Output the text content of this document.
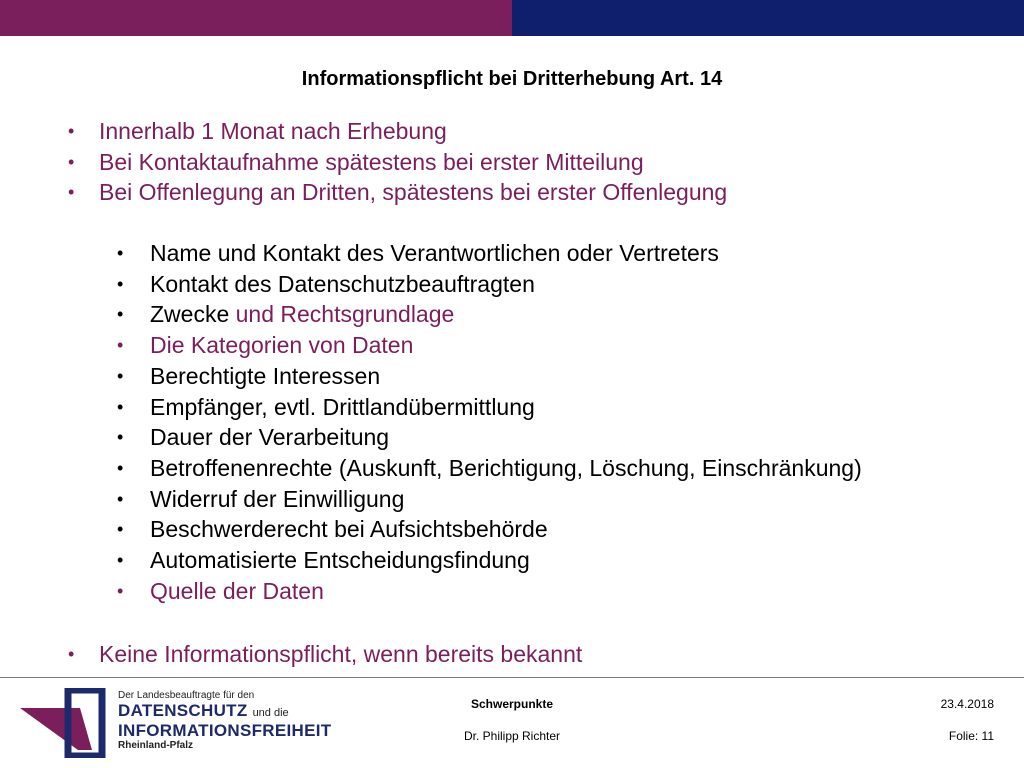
Informationspflicht bei Dritterhebung Art. 14
• Innerhalb 1 Monat nach Erhebung
• Bei Kontaktaufnahme spätestens bei erster Mitteilung
• Bei Offenlegung an Dritten, spätestens bei erster Offenlegung
• Name und Kontakt des Verantwortlichen oder Vertreters
• Kontakt des Datenschutzbeauftragten
• Zwecke und Rechtsgrundlage
• Die Kategorien von Daten
• Berechtigte Interessen
• Empfänger, evtl. Drittlandübermittlung
• Dauer der Verarbeitung
• Betroffenenrechte (Auskunft, Berichtigung, Löschung, Einschränkung)
• Widerruf der Einwilligung
• Beschwerderecht bei Aufsichtsbehörde
• Automatisierte Entscheidungsfindung
• Quelle der Daten
• Keine Informationspflicht, wenn bereits bekannt
Der Landesbeauftragte für den
DATENSCHUTZ und die
INFORMATIONSFREIHEIT
Rheinland-Pfalz
Schwerpunkte
Dr. Philipp Richter
23.4.2018
Folie: 11
